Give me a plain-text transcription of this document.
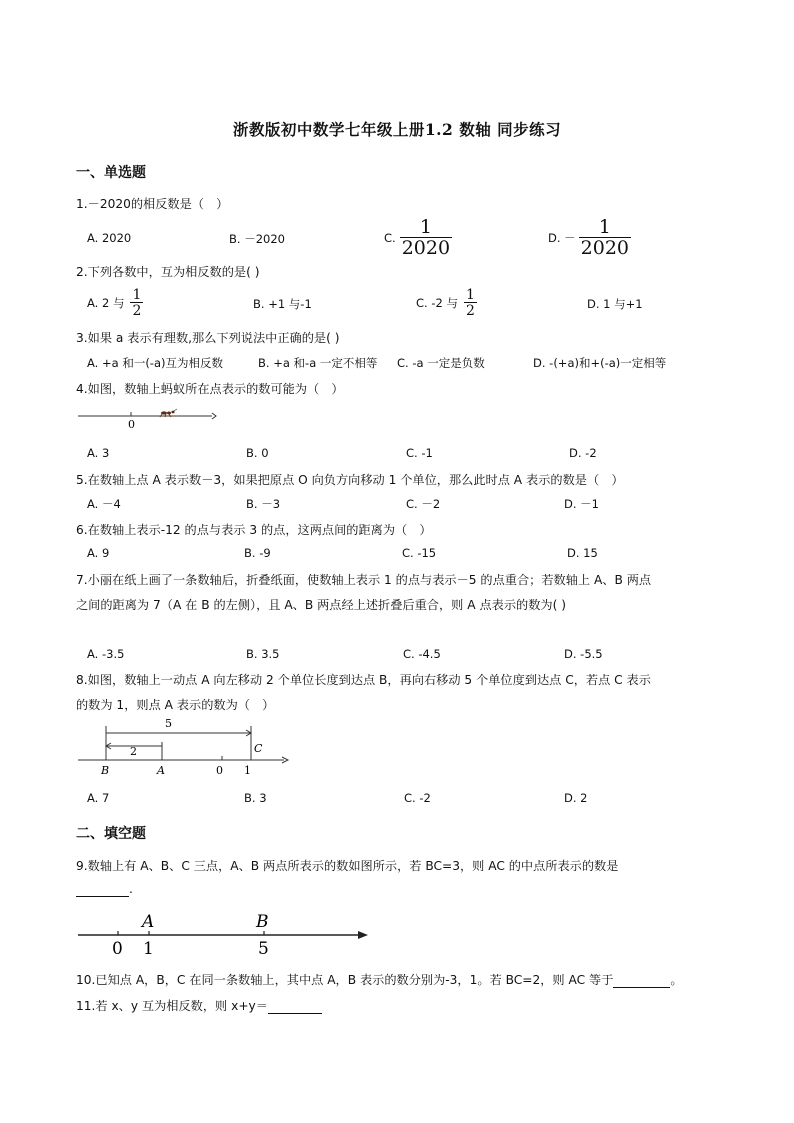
浙教版初中数学七年级上册1.2 数轴 同步练习
一、单选题
1.－2020的相反数是（　）
A. 2020	B. －2020	C. $\frac{1}{2020}$	D. － $\frac{1}{2020}$
2.下列各数中，互为相反数的是( )
A. 2 与 $\frac{1}{2}$	B. +1 与-1	C. -2 与 $\frac{1}{2}$	D. 1 与+1
3.如果 a 表示有理数,那么下列说法中正确的是( )
A. +a 和一(-a)互为相反数	B. +a 和-a 一定不相等 C. -a 一定是负数	D. -(+a)和+(-a)一定相等
4.如图，数轴上蚂蚁所在点表示的数可能为（　）
0
A. 3	B. 0	C. -1	D. -2
5.在数轴上点 A 表示数－3，如果把原点 O 向负方向移动 1 个单位，那么此时点 A 表示的数是（　）
A. －4	B. －3	C. －2	D. －1
6.在数轴上表示-12 的点与表示 3 的点，这两点间的距离为（　）
A. 9	B. -9	C. -15	D. 15
7.小丽在纸上画了一条数轴后，折叠纸面，使数轴上表示 1 的点与表示－5 的点重合；若数轴上 A、B 两点
之间的距离为 7（A 在 B 的左侧），且 A、B 两点经上述折叠后重合，则 A 点表示的数为( )
A. -3.5	B. 3.5	C. -4.5	D. -5.5
8.如图，数轴上一动点 A 向左移动 2 个单位长度到达点 B，再向右移动 5 个单位度到达点 C，若点 C 表示
的数为 1，则点 A 表示的数为（　）
5
2
B	A	0 1
C
A. 7	B. 3	C. -2	D. 2
二、填空题
9.数轴上有 A、B、C 三点，A、B 两点所表示的数如图所示，若 BC=3，则 AC 的中点所表示的数是
.
A	B
0 1	5
10.已知点 A，B，C 在同一条数轴上，其中点 A，B 表示的数分别为-3，1。若 BC=2，则 AC 等于	。
11.若 x、y 互为相反数，则 x+y＝
